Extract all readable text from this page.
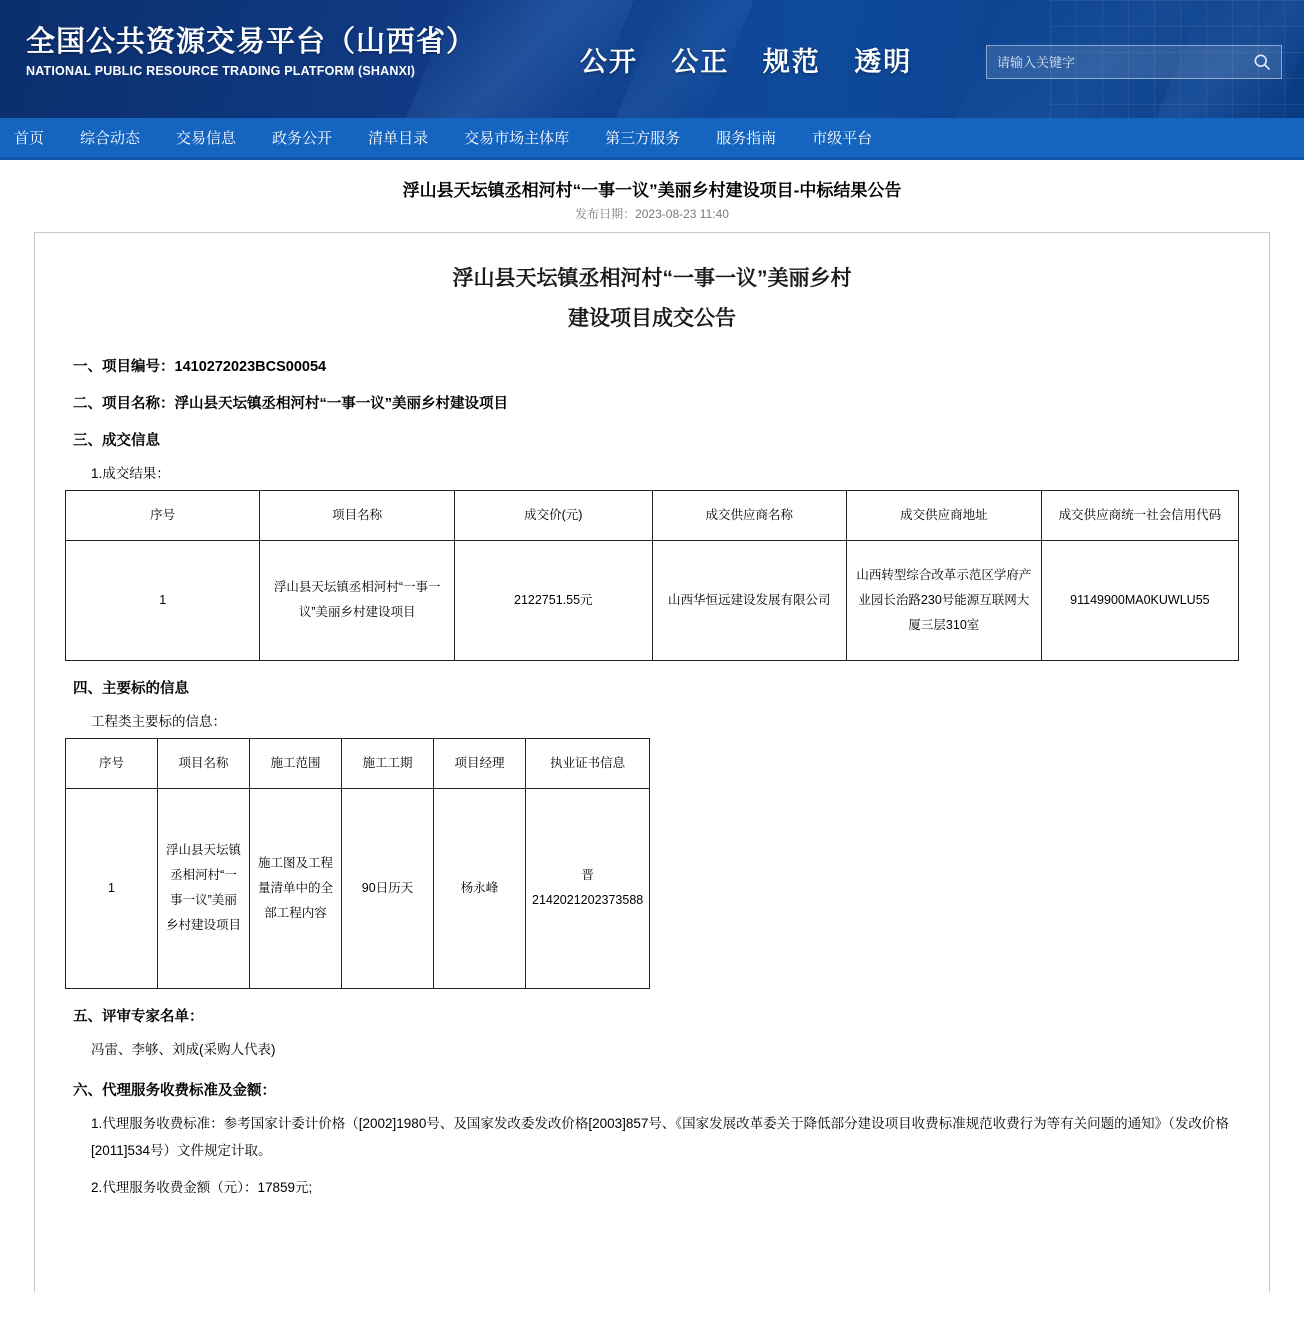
全国公共资源交易平台（山西省）
NATIONAL PUBLIC RESOURCE TRADING PLATFORM (SHANXI)	公开 公正 规范 透明
请输入关键字
首页	综合动态	交易信息	政务公开	清单目录	交易市场主体库	第三方服务	服务指南	市级平台
浮山县天坛镇丞相河村“一事一议”美丽乡村建设项目-中标结果公告
发布日期：2023-08-23 11:40
浮山县天坛镇丞相河村“一事一议”美丽乡村
建设项目成交公告
一、项目编号：1410272023BCS00054
二、项目名称：浮山县天坛镇丞相河村“一事一议”美丽乡村建设项目
三、成交信息
1.成交结果：
序号	项目名称	成交价(元)	成交供应商名称	成交供应商地址	成交供应商统一社会信用代码
1	浮山县天坛镇丞相河村“一事一议”美丽乡村建设项目	2122751.55元	山西华恒远建设发展有限公司	山西转型综合改革示范区学府产业园长治路230号能源互联网大厦三层310室	91149900MA0KUWLU55
四、主要标的信息
工程类主要标的信息：
序号	项目名称	施工范围	施工工期	项目经理	执业证书信息
1	浮山县天坛镇丞相河村“一事一议”美丽乡村建设项目	施工图及工程量清单中的全部工程内容	90日历天	杨永峰	晋 2142021202373588
五、评审专家名单：
冯雷、李够、刘成(采购人代表)
六、代理服务收费标准及金额：
1.代理服务收费标准：参考国家计委计价格（[2002]1980号、及国家发改委发改价格[2003]857号、《国家发展改革委关于降低部分建设项目收费标准规范收费行为等有关问题的通知》（发改价格[2011]534号）文件规定计取。
2.代理服务收费金额（元）：17859元;
